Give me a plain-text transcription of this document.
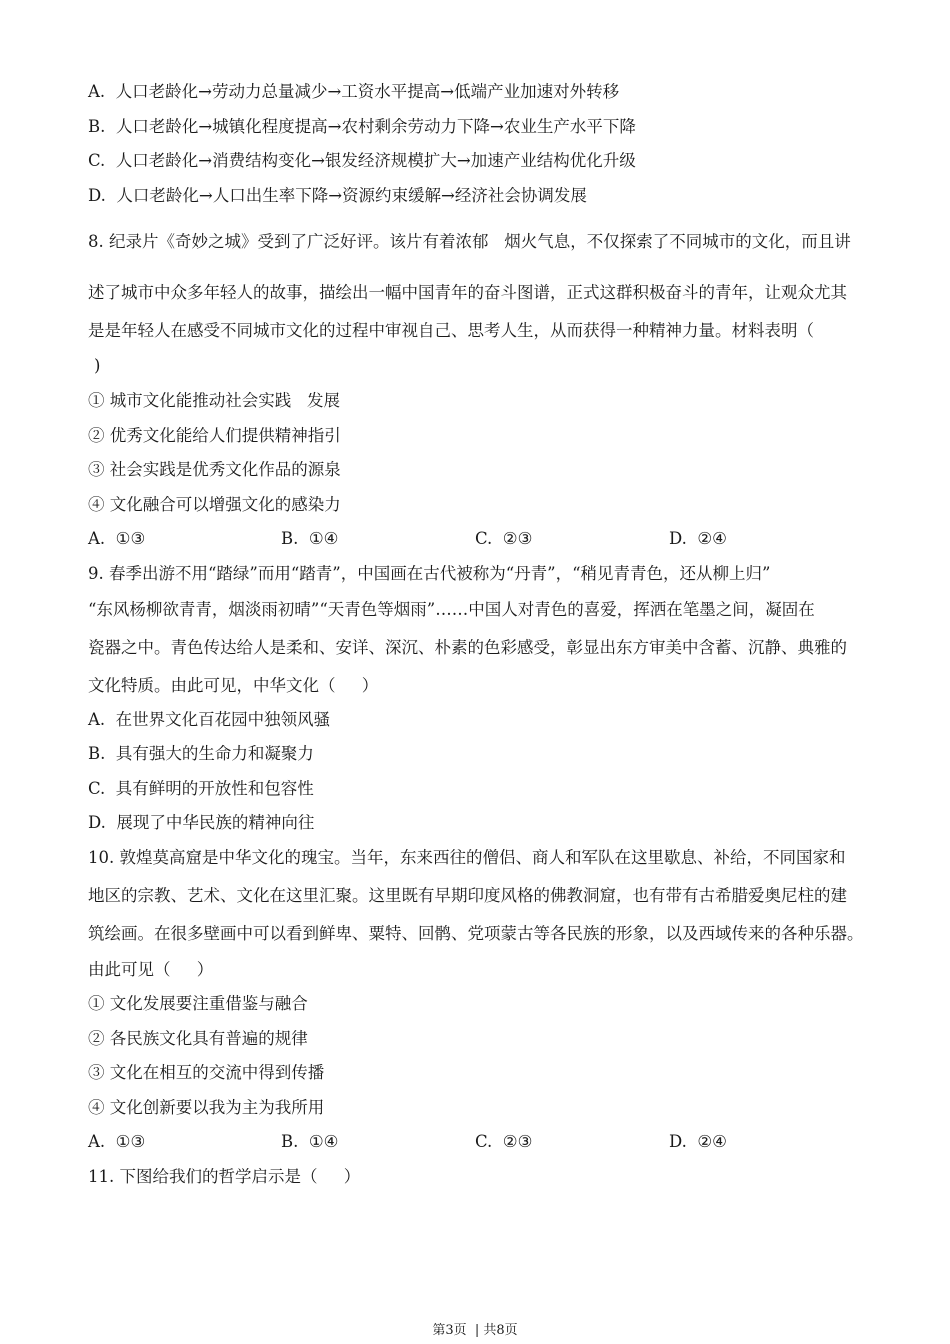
A.  人口老龄化→劳动力总量减少→工资水平提高→低端产业加速对外转移
B.  人口老龄化→城镇化程度提高→农村剩余劳动力下降→农业生产水平下降
C.  人口老龄化→消费结构变化→银发经济规模扩大→加速产业结构优化升级
D.  人口老龄化→人口出生率下降→资源约束缓解→经济社会协调发展
8. 纪录片《奇妙之城》受到了广泛好评。该片有着浓郁   烟火气息，不仅探索了不同城市的文化，而且讲
述了城市中众多年轻人的故事，描绘出一幅中国青年的奋斗图谱，正式这群积极奋斗的青年，让观众尤其
是是年轻人在感受不同城市文化的过程中审视自己、思考人生，从而获得一种精神力量。材料表明（
)
① 城市文化能推动社会实践   发展
② 优秀文化能给人们提供精神指引
③ 社会实践是优秀文化作品的源泉
④ 文化融合可以增强文化的感染力
A.  ①③	B.  ①④	C.  ②③	D.  ②④
9. 春季出游不用“踏绿”而用“踏青”，中国画在古代被称为“丹青”，“稍见青青色，还从柳上归”
“东风杨柳欲青青，烟淡雨初晴”“天青色等烟雨”……中国人对青色的喜爱，挥洒在笔墨之间，凝固在
瓷器之中。青色传达给人是柔和、安详、深沉、朴素的色彩感受，彰显出东方审美中含蓄、沉静、典雅的
文化特质。由此可见，中华文化（     ）
A.  在世界文化百花园中独领风骚
B.  具有强大的生命力和凝聚力
C.  具有鲜明的开放性和包容性
D.  展现了中华民族的精神向往
10. 敦煌莫高窟是中华文化的瑰宝。当年，东来西往的僧侣、商人和军队在这里歇息、补给，不同国家和
地区的宗教、艺术、文化在这里汇聚。这里既有早期印度风格的佛教洞窟，也有带有古希腊爱奥尼柱的建
筑绘画。在很多壁画中可以看到鲜卑、粟特、回鹘、党项蒙古等各民族的形象，以及西域传来的各种乐器。
由此可见（     ）
① 文化发展要注重借鉴与融合
② 各民族文化具有普遍的规律
③ 文化在相互的交流中得到传播
④ 文化创新要以我为主为我所用
A.  ①③	B.  ①④	C.  ②③	D.  ②④
11. 下图给我们的哲学启示是（     ）
第3页  | 共8页
